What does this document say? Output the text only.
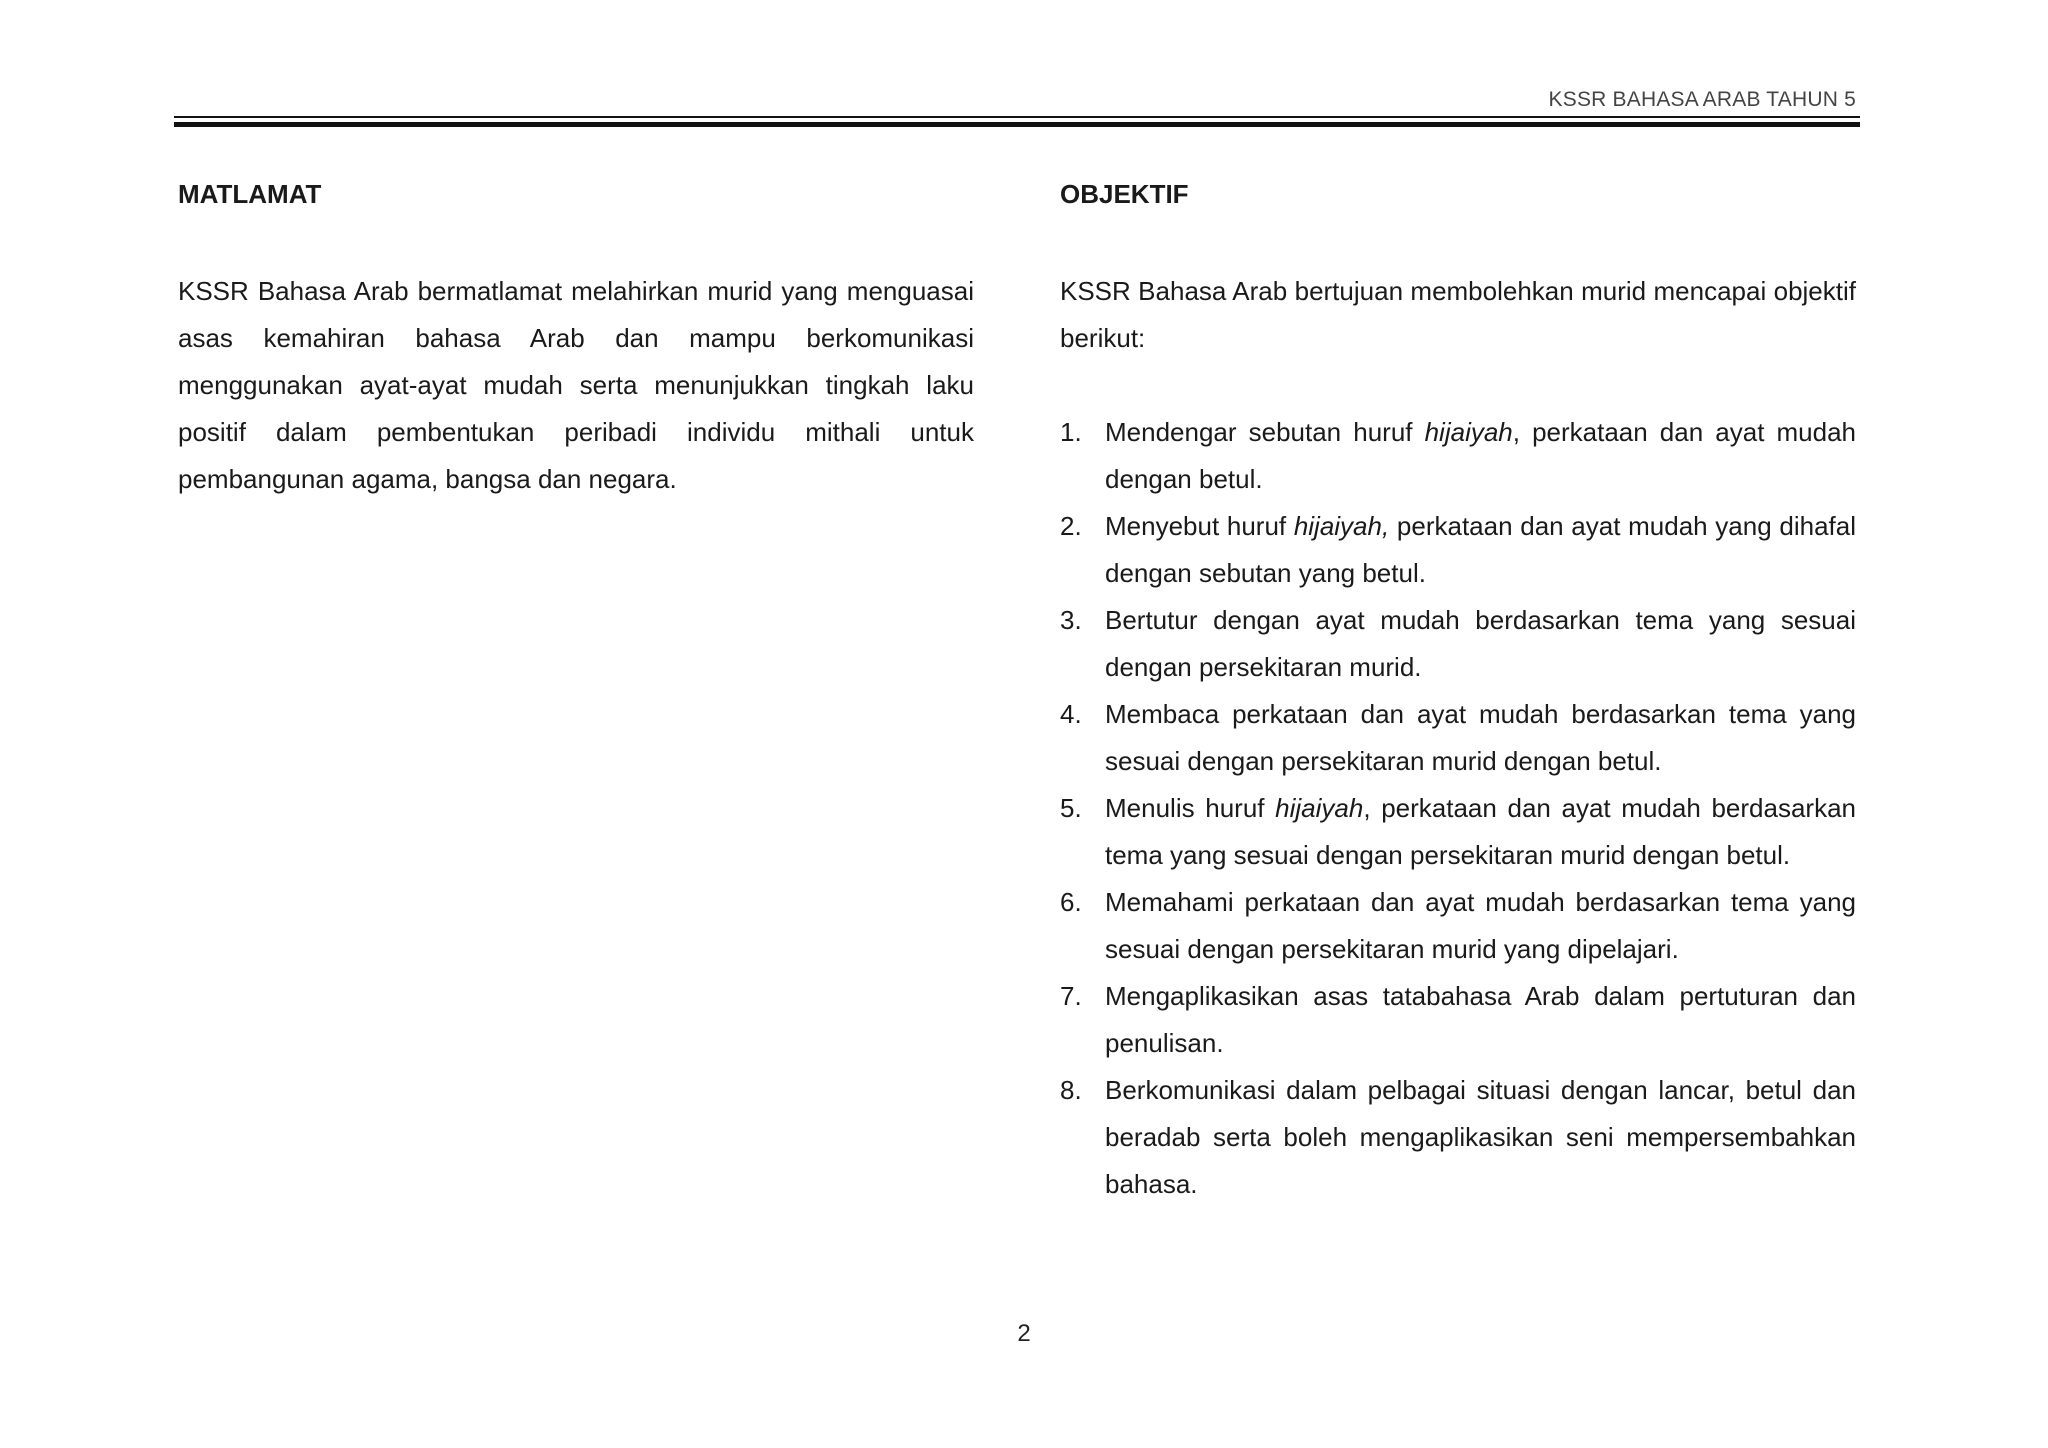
KSSR BAHASA ARAB TAHUN 5
MATLAMAT

KSSR Bahasa Arab bermatlamat melahirkan murid yang menguasai asas kemahiran bahasa Arab dan mampu berkomunikasi menggunakan ayat-ayat mudah serta menunjukkan tingkah laku positif dalam pembentukan peribadi individu mithali untuk pembangunan agama, bangsa dan negara.

OBJEKTIF

KSSR Bahasa Arab bertujuan membolehkan murid mencapai objektif berikut:

1. Mendengar sebutan huruf hijaiyah, perkataan dan ayat mudah dengan betul.
2. Menyebut huruf hijaiyah, perkataan dan ayat mudah yang dihafal dengan sebutan yang betul.
3. Bertutur dengan ayat mudah berdasarkan tema yang sesuai dengan persekitaran murid.
4. Membaca perkataan dan ayat mudah berdasarkan tema yang sesuai dengan persekitaran murid dengan betul.
5. Menulis huruf hijaiyah, perkataan dan ayat mudah berdasarkan tema yang sesuai dengan persekitaran murid dengan betul.
6. Memahami perkataan dan ayat mudah berdasarkan tema yang sesuai dengan persekitaran murid yang dipelajari.
7. Mengaplikasikan asas tatabahasa Arab dalam pertuturan dan penulisan.
8. Berkomunikasi dalam pelbagai situasi dengan lancar, betul dan beradab serta boleh mengaplikasikan seni mempersembahkan bahasa.
2
